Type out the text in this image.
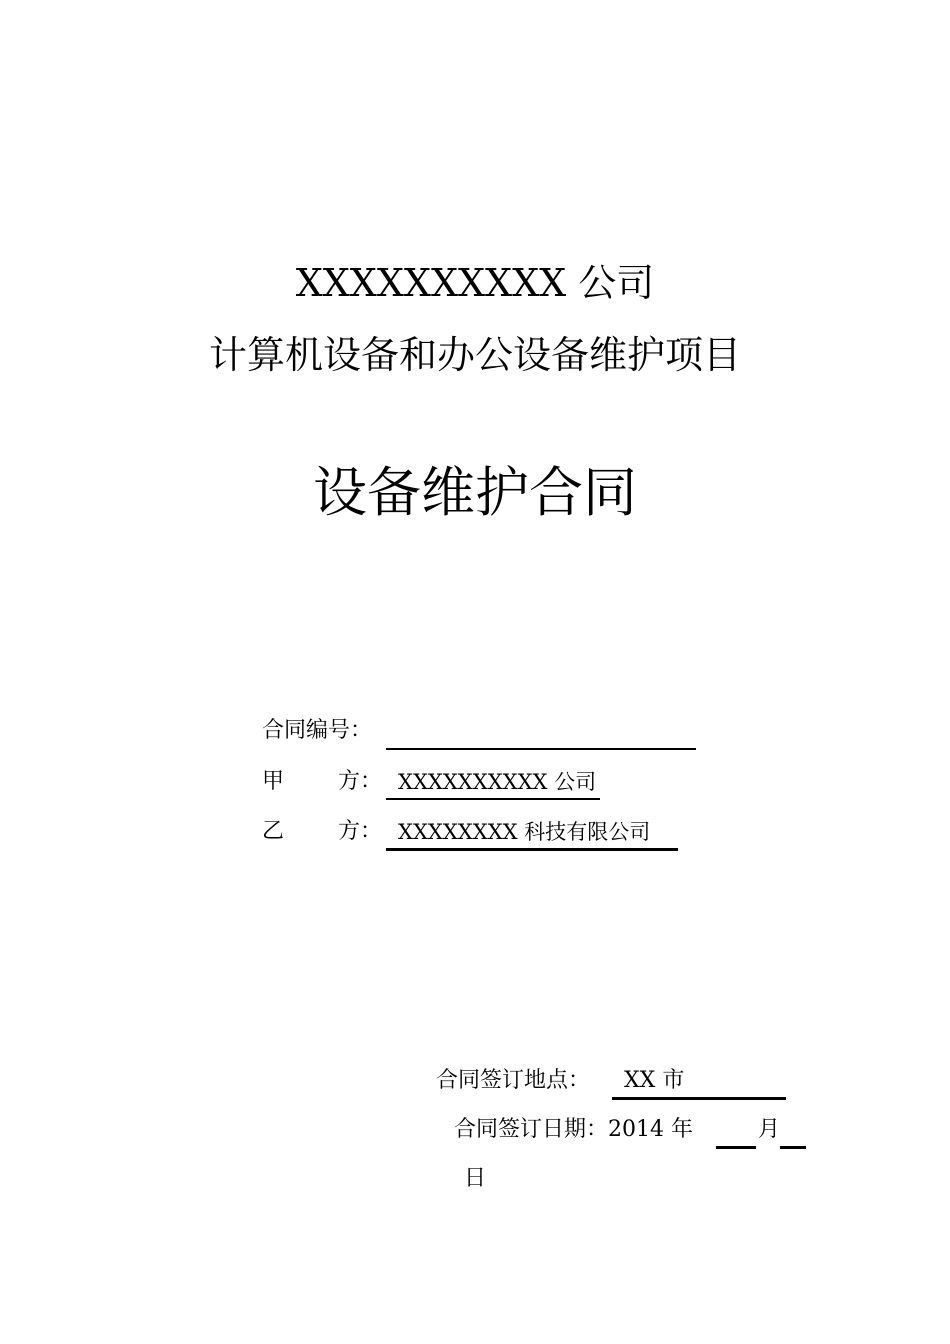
XXXXXXXXXX 公司
计算机设备和办公设备维护项目
设备维护合同
合同编号：
甲 方： XXXXXXXXXX 公司
乙 方： XXXXXXXX 科技有限公司
合同签订地点：	XX 市
合同签订日期：2014 年	月
日
